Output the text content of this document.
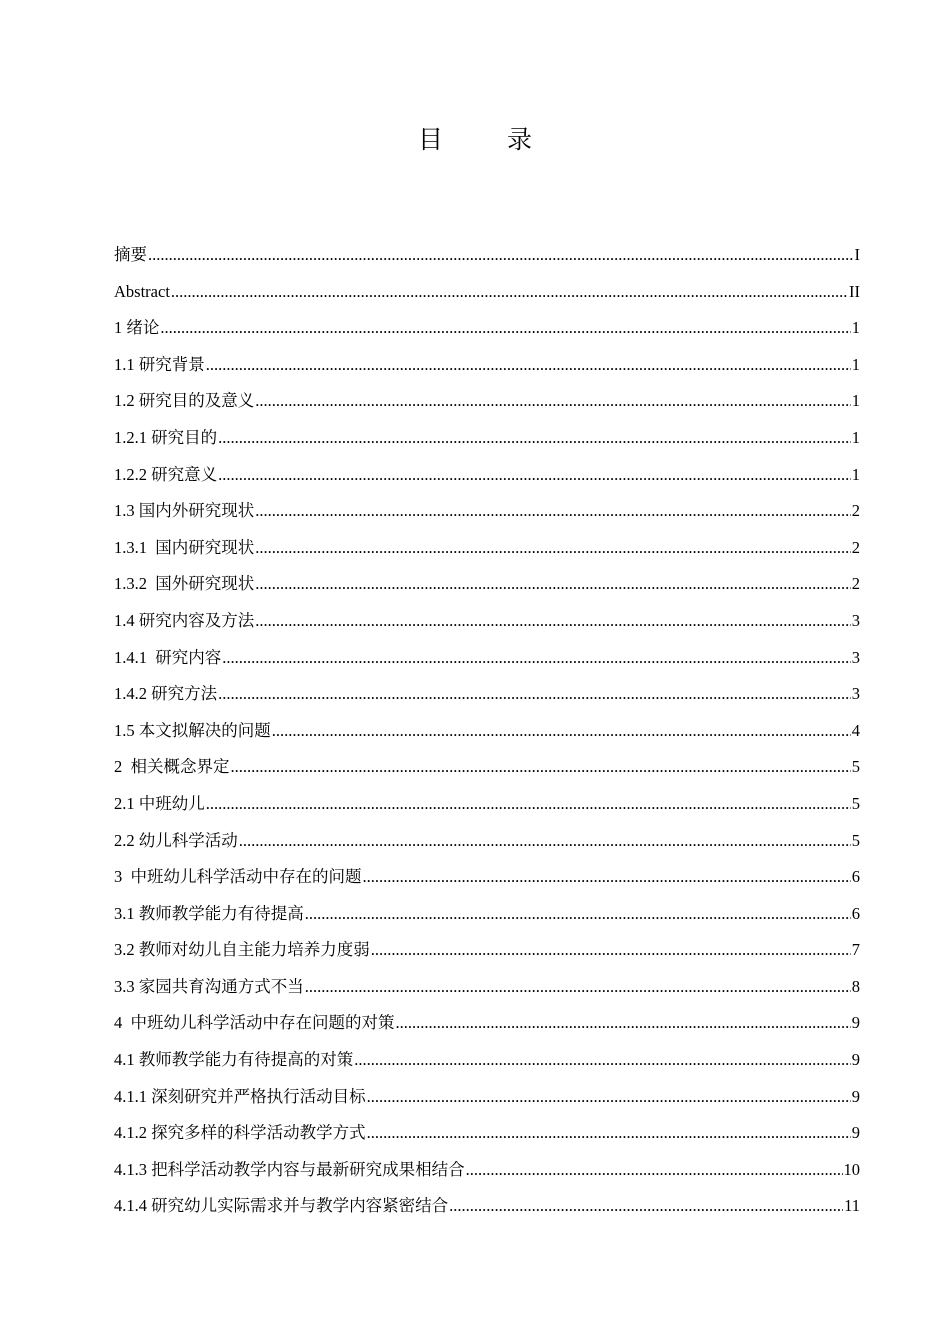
目 录
摘要 .....	I
Abstract .....	II
1 绪论 .....	1
1.1 研究背景 .....	1
1.2 研究目的及意义 .....	1
1.2.1 研究目的 .....	1
1.2.2 研究意义 .....	1
1.3 国内外研究现状 .....	2
1.3.1  国内研究现状 .....	2
1.3.2  国外研究现状 .....	2
1.4 研究内容及方法 .....	3
1.4.1  研究内容 .....	3
1.4.2 研究方法 .....	3
1.5 本文拟解决的问题 .....	4
2  相关概念界定 .....	5
2.1 中班幼儿 .....	5
2.2 幼儿科学活动 .....	5
3  中班幼儿科学活动中存在的问题 .....	6
3.1 教师教学能力有待提高 .....	6
3.2 教师对幼儿自主能力培养力度弱 .....	7
3.3 家园共育沟通方式不当 .....	8
4  中班幼儿科学活动中存在问题的对策 .....	9
4.1 教师教学能力有待提高的对策 .....	9
4.1.1 深刻研究并严格执行活动目标 .....	9
4.1.2 探究多样的科学活动教学方式 .....	9
4.1.3 把科学活动教学内容与最新研究成果相结合 .....	10
4.1.4 研究幼儿实际需求并与教学内容紧密结合 .....	11
